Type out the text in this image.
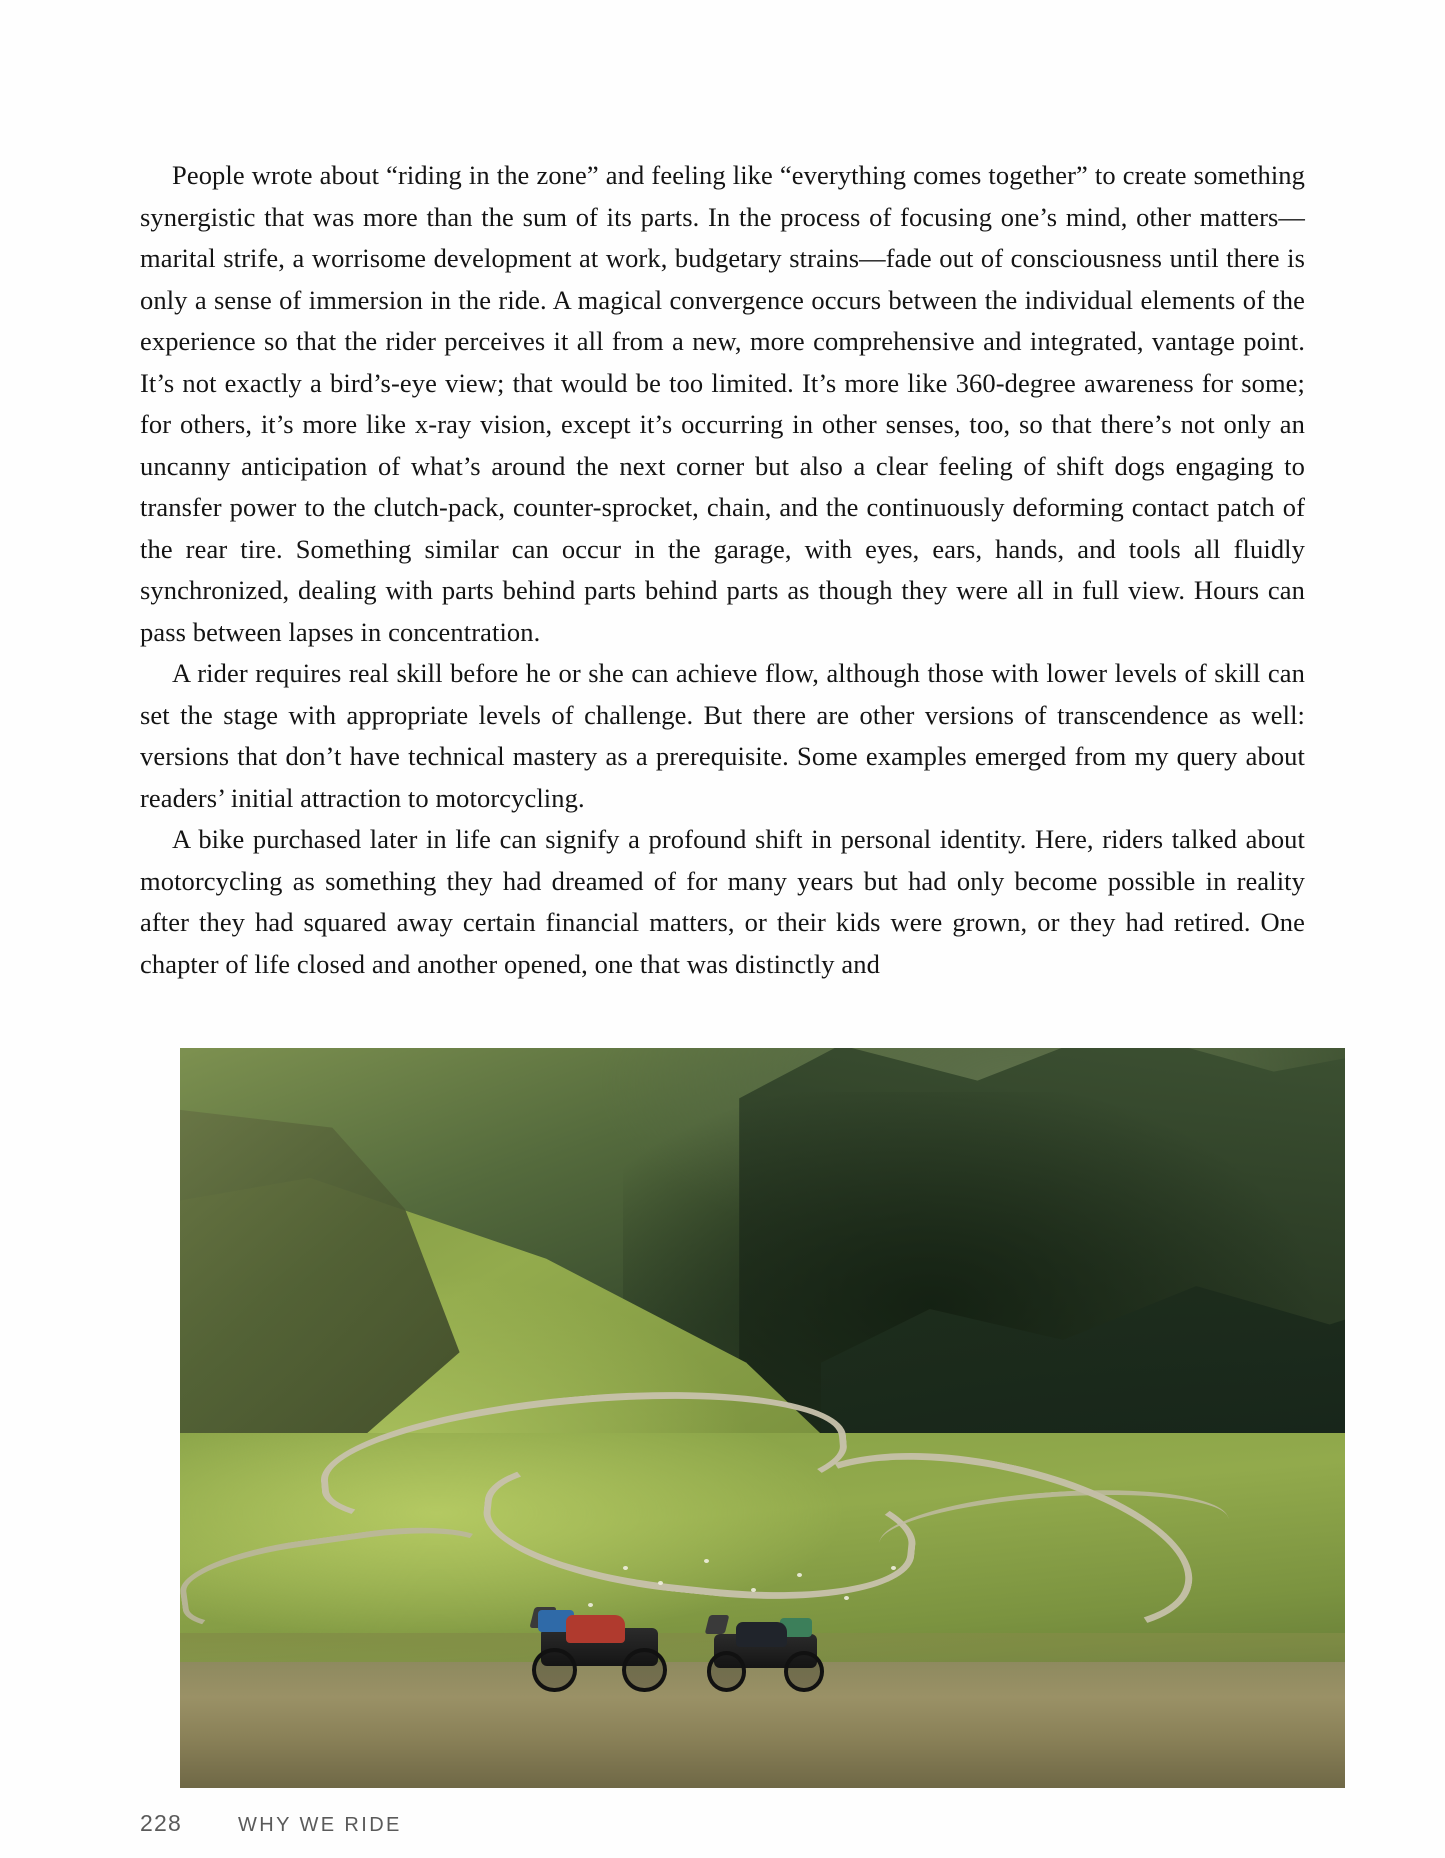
People wrote about “riding in the zone” and feeling like “everything comes together” to create something synergistic that was more than the sum of its parts. In the process of focusing one’s mind, other matters—marital strife, a worrisome development at work, budgetary strains—fade out of consciousness until there is only a sense of immersion in the ride. A magical convergence occurs between the individual elements of the experience so that the rider perceives it all from a new, more comprehensive and integrated, vantage point. It’s not exactly a bird’s-eye view; that would be too limited. It’s more like 360-degree awareness for some; for others, it’s more like x-ray vision, except it’s occurring in other senses, too, so that there’s not only an uncanny anticipation of what’s around the next corner but also a clear feeling of shift dogs engaging to transfer power to the clutch-pack, counter-sprocket, chain, and the continuously deforming contact patch of the rear tire. Something similar can occur in the garage, with eyes, ears, hands, and tools all fluidly synchronized, dealing with parts behind parts behind parts as though they were all in full view. Hours can pass between lapses in concentration.

A rider requires real skill before he or she can achieve flow, although those with lower levels of skill can set the stage with appropriate levels of challenge. But there are other versions of transcendence as well: versions that don’t have technical mastery as a prerequisite. Some examples emerged from my query about readers’ initial attraction to motorcycling.

A bike purchased later in life can signify a profound shift in personal identity. Here, riders talked about motorcycling as something they had dreamed of for many years but had only become possible in reality after they had squared away certain financial matters, or their kids were grown, or they had retired. One chapter of life closed and another opened, one that was distinctly and

228	WHY WE RIDE
